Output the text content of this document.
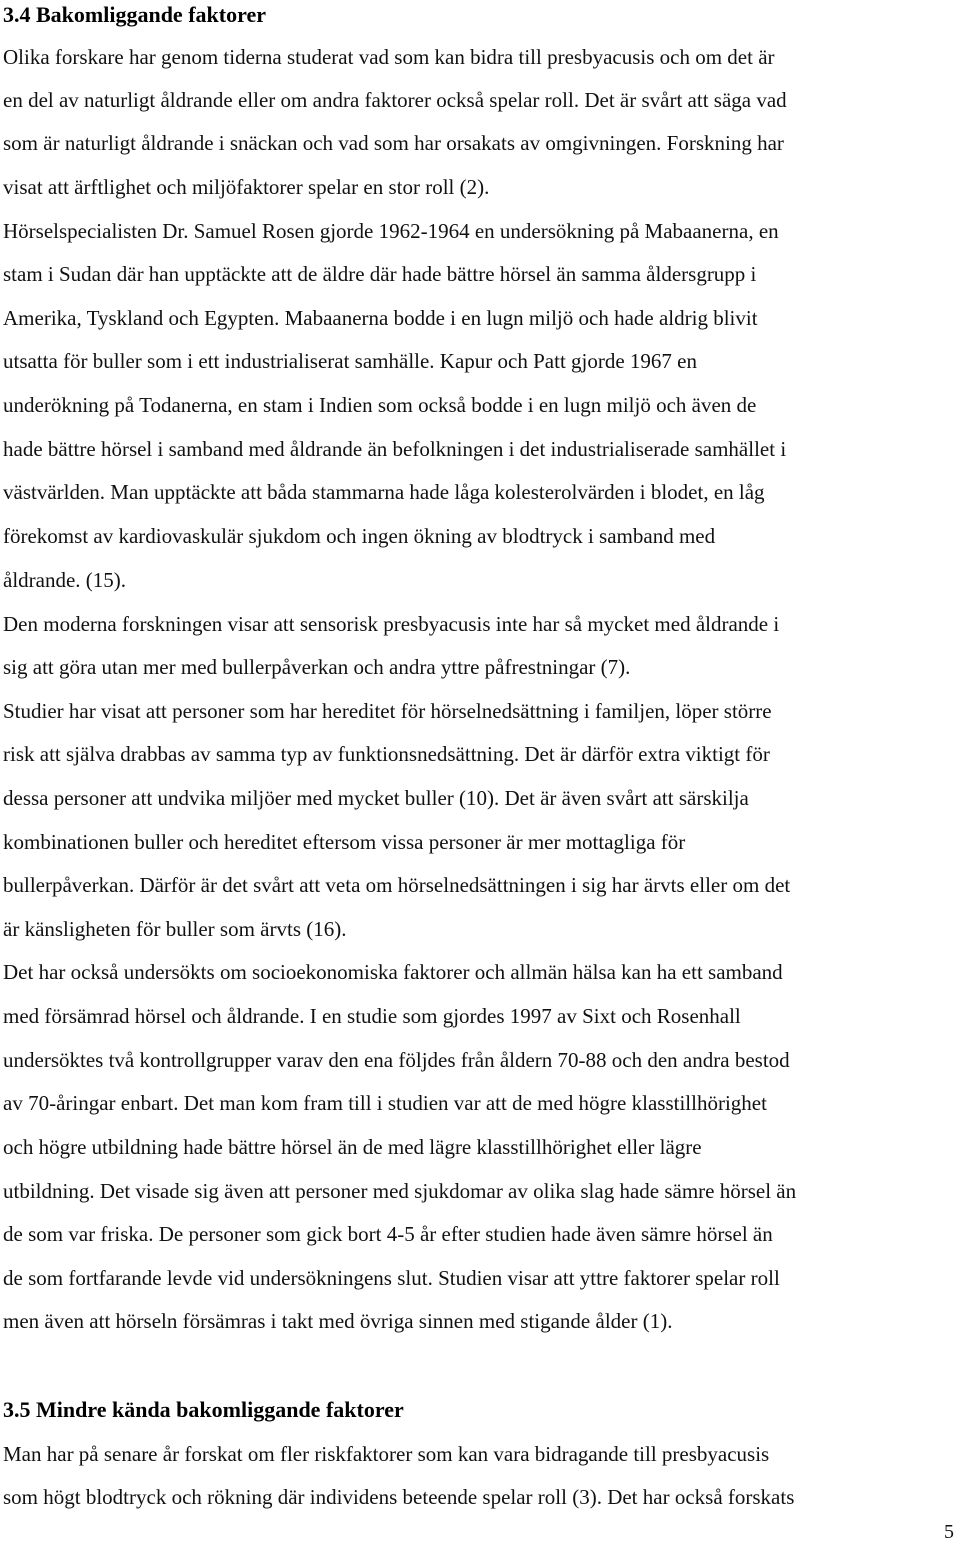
3.4 Bakomliggande faktorer
Olika forskare har genom tiderna studerat vad som kan bidra till presbyacusis och om det är
en del av naturligt åldrande eller om andra faktorer också spelar roll. Det är svårt att säga vad
som är naturligt åldrande i snäckan och vad som har orsakats av omgivningen. Forskning har
visat att ärftlighet och miljöfaktorer spelar en stor roll (2).
Hörselspecialisten Dr. Samuel Rosen gjorde 1962-1964 en undersökning på Mabaanerna, en
stam i Sudan där han upptäckte att de äldre där hade bättre hörsel än samma åldersgrupp i
Amerika, Tyskland och Egypten. Mabaanerna bodde i en lugn miljö och hade aldrig blivit
utsatta för buller som i ett industrialiserat samhälle. Kapur och Patt gjorde 1967 en
underökning på Todanerna, en stam i Indien som också bodde i en lugn miljö och även de
hade bättre hörsel i samband med åldrande än befolkningen i det industrialiserade samhället i
västvärlden. Man upptäckte att båda stammarna hade låga kolesterolvärden i blodet, en låg
förekomst av kardiovaskulär sjukdom och ingen ökning av blodtryck i samband med
åldrande. (15).
Den moderna forskningen visar att sensorisk presbyacusis inte har så mycket med åldrande i
sig att göra utan mer med bullerpåverkan och andra yttre påfrestningar (7).
Studier har visat att personer som har hereditet för hörselnedsättning i familjen, löper större
risk att själva drabbas av samma typ av funktionsnedsättning. Det är därför extra viktigt för
dessa personer att undvika miljöer med mycket buller (10). Det är även svårt att särskilja
kombinationen buller och hereditet eftersom vissa personer är mer mottagliga för
bullerpåverkan. Därför är det svårt att veta om hörselnedsättningen i sig har ärvts eller om det
är känsligheten för buller som ärvts (16).
Det har också undersökts om socioekonomiska faktorer och allmän hälsa kan ha ett samband
med försämrad hörsel och åldrande. I en studie som gjordes 1997 av Sixt och Rosenhall
undersöktes två kontrollgrupper varav den ena följdes från åldern 70-88 och den andra bestod
av 70-åringar enbart. Det man kom fram till i studien var att de med högre klasstillhörighet
och högre utbildning hade bättre hörsel än de med lägre klasstillhörighet eller lägre
utbildning. Det visade sig även att personer med sjukdomar av olika slag hade sämre hörsel än
de som var friska. De personer som gick bort 4-5 år efter studien hade även sämre hörsel än
de som fortfarande levde vid undersökningens slut. Studien visar att yttre faktorer spelar roll
men även att hörseln försämras i takt med övriga sinnen med stigande ålder (1).
3.5 Mindre kända bakomliggande faktorer
Man har på senare år forskat om fler riskfaktorer som kan vara bidragande till presbyacusis
som högt blodtryck och rökning där individens beteende spelar roll (3). Det har också forskats
5
